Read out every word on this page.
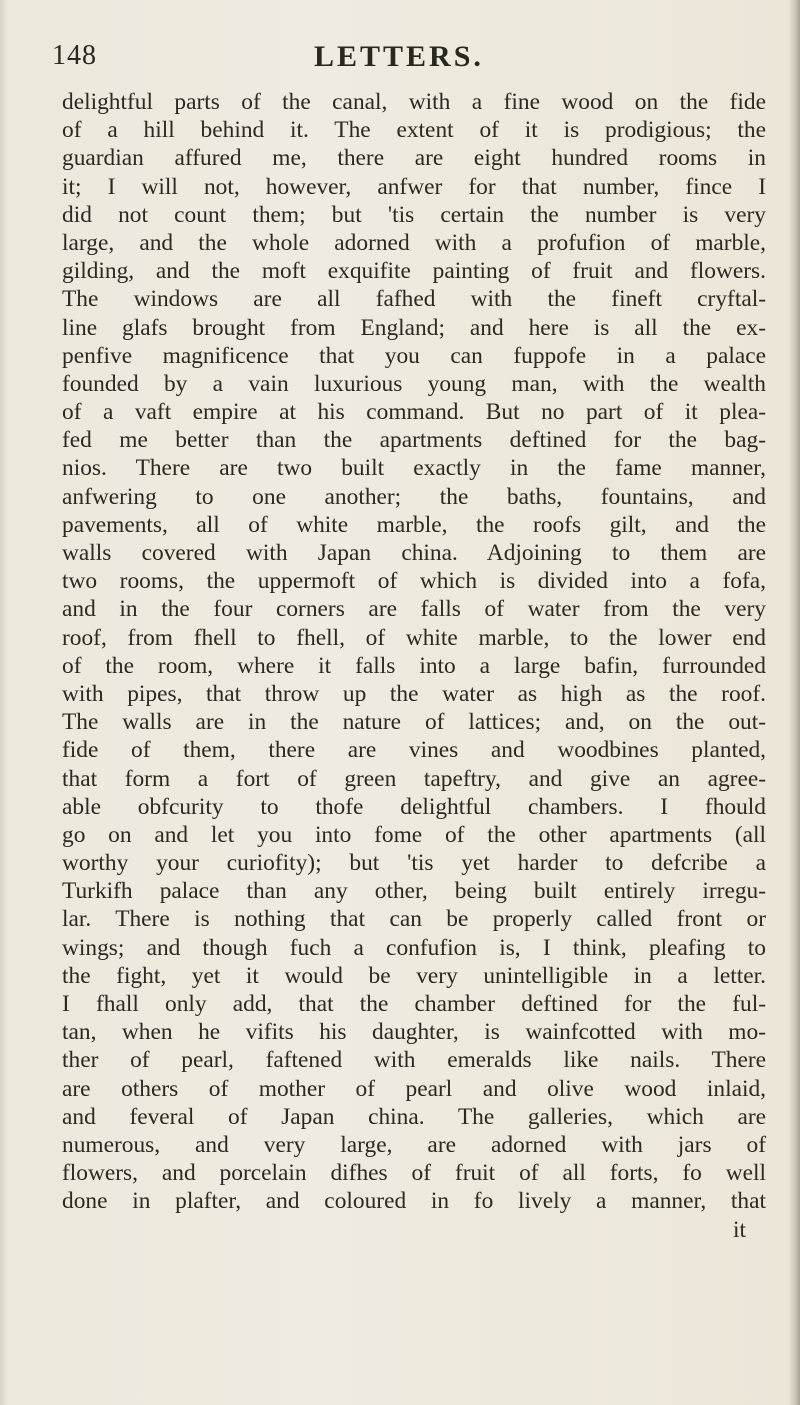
148	LETTERS.
delightful parts of the canal, with a fine wood on the fide
of a hill behind it. The extent of it is prodigious; the
guardian affured me, there are eight hundred rooms in
it; I will not, however, anfwer for that number, fince I
did not count them; but 'tis certain the number is very
large, and the whole adorned with a profufion of marble,
gilding, and the moft exquifite painting of fruit and flowers.
The windows are all fafhed with the fineft cryftal-
line glafs brought from England; and here is all the ex-
penfive magnificence that you can fuppofe in a palace
founded by a vain luxurious young man, with the wealth
of a vaft empire at his command. But no part of it plea-
fed me better than the apartments deftined for the bag-
nios. There are two built exactly in the fame manner,
anfwering to one another; the baths, fountains, and
pavements, all of white marble, the roofs gilt, and the
walls covered with Japan china. Adjoining to them are
two rooms, the uppermoft of which is divided into a fofa,
and in the four corners are falls of water from the very
roof, from fhell to fhell, of white marble, to the lower end
of the room, where it falls into a large bafin, furrounded
with pipes, that throw up the water as high as the roof.
The walls are in the nature of lattices; and, on the out-
fide of them, there are vines and woodbines planted,
that form a fort of green tapeftry, and give an agree-
able obfcurity to thofe delightful chambers. I fhould
go on and let you into fome of the other apartments (all
worthy your curiofity); but 'tis yet harder to defcribe a
Turkifh palace than any other, being built entirely irregu-
lar. There is nothing that can be properly called front or
wings; and though fuch a confufion is, I think, pleafing to
the fight, yet it would be very unintelligible in a letter.
I fhall only add, that the chamber deftined for the ful-
tan, when he vifits his daughter, is wainfcotted with mo-
ther of pearl, faftened with emeralds like nails. There
are others of mother of pearl and olive wood inlaid,
and feveral of Japan china. The galleries, which are
numerous, and very large, are adorned with jars of
flowers, and porcelain difhes of fruit of all forts, fo well
done in plafter, and coloured in fo lively a manner, that
it
